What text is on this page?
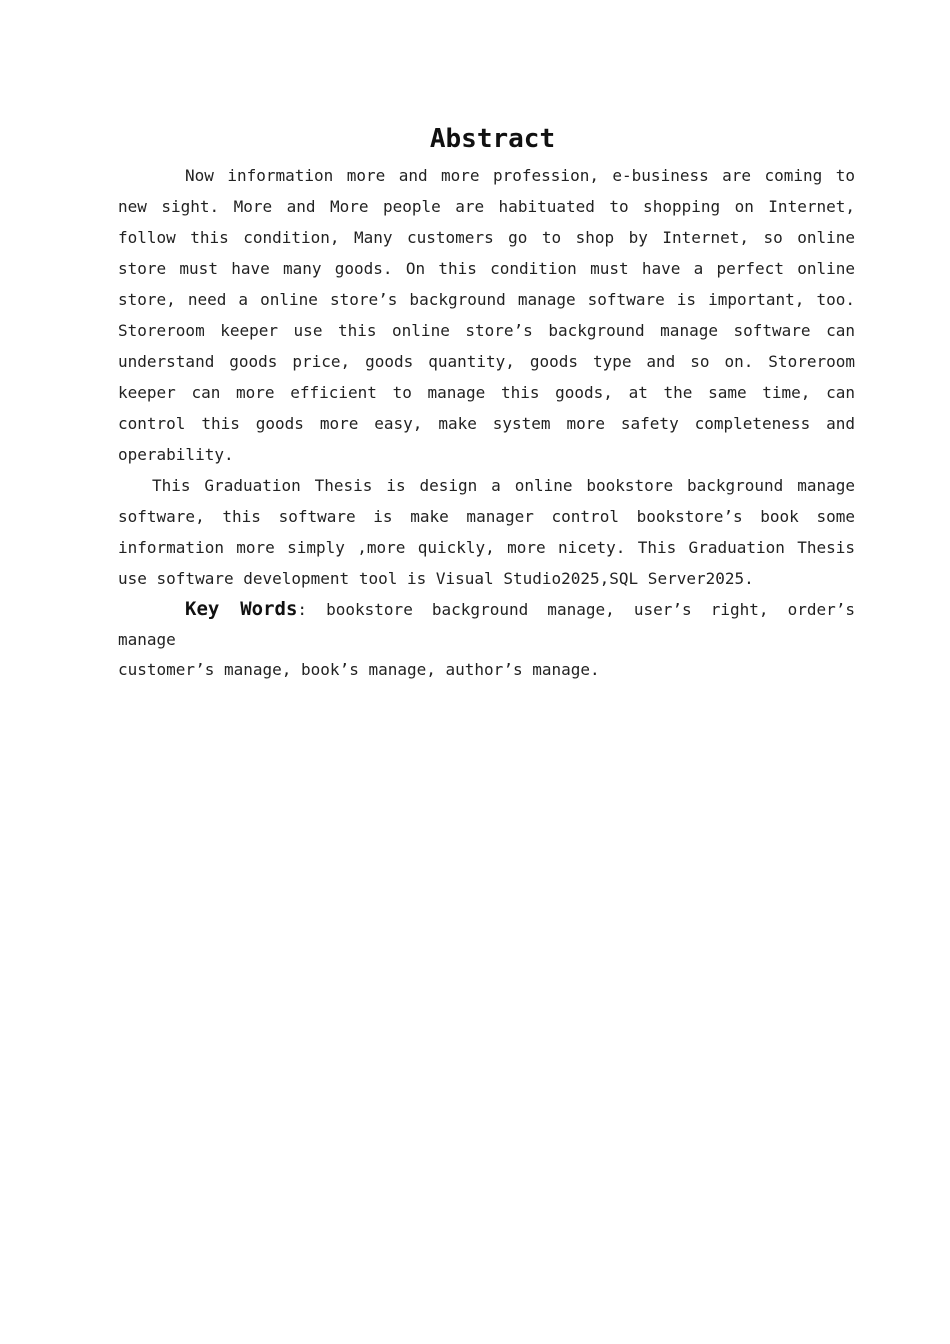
Abstract

Now information more and more profession, e-business are coming to new sight. More and More people are habituated to shopping on Internet, follow this condition, Many customers go to shop by Internet, so online store must have many goods. On this condition must have a perfect online store, need a online store’s background manage software is important, too. Storeroom keeper use this online store’s background manage software can understand goods price, goods quantity, goods type and so on. Storeroom keeper can more efficient to manage this goods, at the same time, can control this goods more easy, make system more safety completeness and operability.

This Graduation Thesis is design a online bookstore background manage software, this software is make manager control bookstore’s book some information more simply ,more quickly, more nicety. This Graduation Thesis use software development tool is Visual Studio2025,SQL Server2025.

Key Words: bookstore background manage, user’s right, order’s manage

customer’s manage, book’s manage, author’s manage.
